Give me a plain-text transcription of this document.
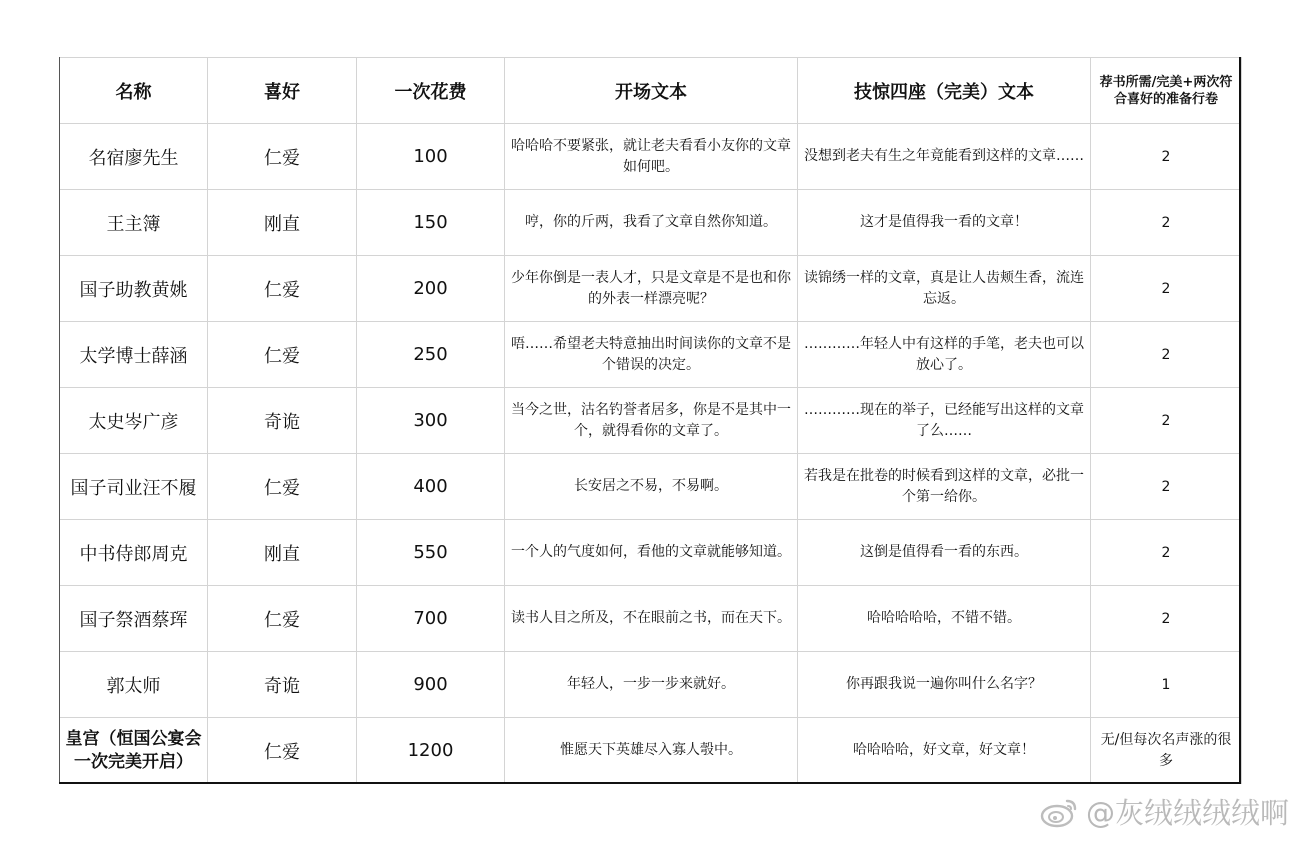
名称	喜好	一次花费	开场文本	技惊四座（完美）文本	荐书所需/完美+两次符合喜好的准备行卷
名宿廖先生	仁爱	100	哈哈哈不要紧张，就让老夫看看小友你的文章如何吧。	没想到老夫有生之年竟能看到这样的文章……	2
王主簿	刚直	150	哼，你的斤两，我看了文章自然你知道。	这才是值得我一看的文章！	2
国子助教黄姚	仁爱	200	少年你倒是一表人才，只是文章是不是也和你的外表一样漂亮呢？	读锦绣一样的文章，真是让人齿颊生香，流连忘返。	2
太学博士薛涵	仁爱	250	唔……希望老夫特意抽出时间读你的文章不是个错误的决定。	…………年轻人中有这样的手笔，老夫也可以放心了。	2
太史岑广彦	奇诡	300	当今之世，沽名钓誉者居多，你是不是其中一个，就得看你的文章了。	…………现在的举子，已经能写出这样的文章了么……	2
国子司业汪不履	仁爱	400	长安居之不易，不易啊。	若我是在批卷的时候看到这样的文章，必批一个第一给你。	2
中书侍郎周克	刚直	550	一个人的气度如何，看他的文章就能够知道。	这倒是值得看一看的东西。	2
国子祭酒蔡珲	仁爱	700	读书人目之所及，不在眼前之书，而在天下。	哈哈哈哈哈，不错不错。	2
郭太师	奇诡	900	年轻人，一步一步来就好。	你再跟我说一遍你叫什么名字？	1
皇宫（恒国公宴会一次完美开启）	仁爱	1200	惟愿天下英雄尽入寡人彀中。	哈哈哈哈，好文章，好文章！	无/但每次名声涨的很多
@灰绒绒绒绒啊
